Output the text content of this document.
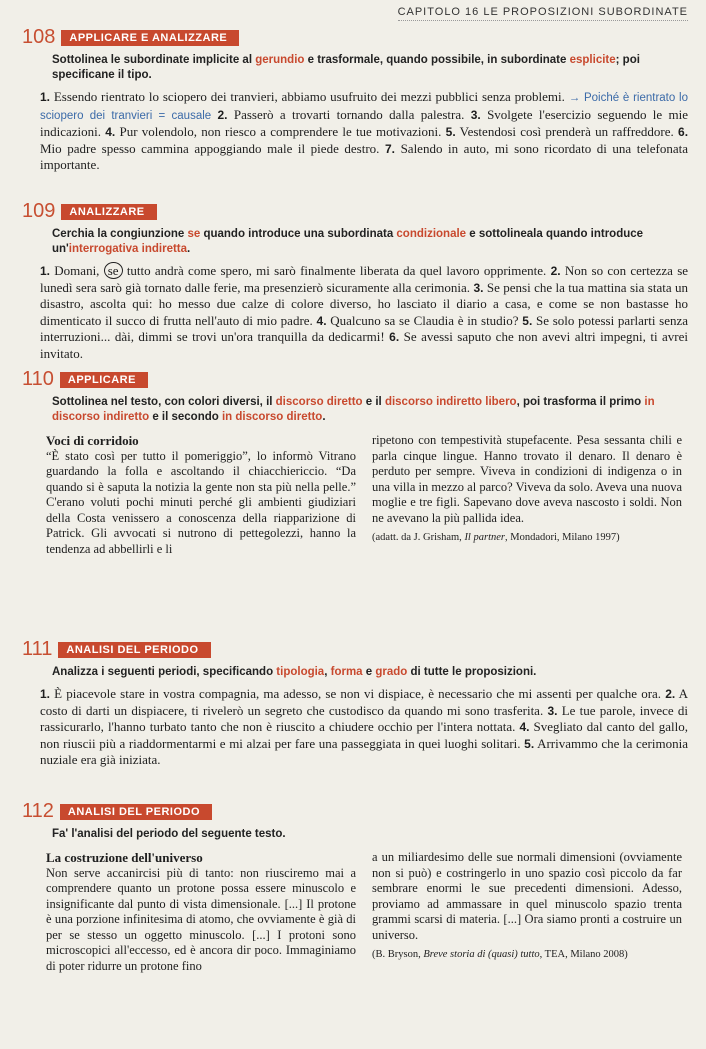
CAPITOLO 16 LE PROPOSIZIONI SUBORDINATE
108	APPLICARE E ANALIZZARE
Sottolinea le subordinate implicite al gerundio e trasformale, quando possibile, in subordinate esplicite; poi specificane il tipo.
1. Essendo rientrato lo sciopero dei tranvieri, abbiamo usufruito dei mezzi pubblici senza problemi. → Poiché è rientrato lo sciopero dei tranvieri = causale 2. Passerò a trovarti tornando dalla palestra. 3. Svolgete l'esercizio seguendo le mie indicazioni. 4. Pur volendolo, non riesco a comprendere le tue motivazioni. 5. Vestendosi così prenderà un raffreddore. 6. Mio padre spesso cammina appoggiando male il piede destro. 7. Salendo in auto, mi sono ricordato di una telefonata importante.
109	ANALIZZARE
Cerchia la congiunzione se quando introduce una subordinata condizionale e sottolineala quando introduce un'interrogativa indiretta.
1. Domani, se tutto andrà come spero, mi sarò finalmente liberata da quel lavoro opprimente. 2. Non so con certezza se lunedì sera sarò già tornato dalle ferie, ma presenzierò sicuramente alla cerimonia. 3. Se pensi che la tua mattina sia stata un disastro, ascolta qui: ho messo due calze di colore diverso, ho lasciato il diario a casa, e come se non bastasse ho dimenticato il succo di frutta nell'auto di mio padre. 4. Qualcuno sa se Claudia è in studio? 5. Se solo potessi parlarti senza interruzioni... dài, dimmi se trovi un'ora tranquilla da dedicarmi! 6. Se avessi saputo che non avevi altri impegni, ti avrei invitato.
110	APPLICARE
Sottolinea nel testo, con colori diversi, il discorso diretto e il discorso indiretto libero, poi trasforma il primo in discorso indiretto e il secondo in discorso diretto.
Voci di corridoio
“È stato così per tutto il pomeriggio”, lo informò Vitrano guardando la folla e ascoltando il chiacchiericcio. “Da quando si è saputa la notizia la gente non sta più nella pelle.” C'erano voluti pochi minuti perché gli ambienti giudiziari della Costa venissero a conoscenza della riapparizione di Patrick. Gli avvocati si nutrono di pettegolezzi, hanno la tendenza ad abbellirli e li
ripetono con tempestività stupefacente. Pesa sessanta chili e parla cinque lingue. Hanno trovato il denaro. Il denaro è perduto per sempre. Viveva in condizioni di indigenza o in una villa in mezzo al parco? Viveva da solo. Aveva una nuova moglie e tre figli. Sapevano dove aveva nascosto i soldi. Non ne avevano la più pallida idea.
(adatt. da J. Grisham, Il partner, Mondadori, Milano 1997)
111	ANALISI DEL PERIODO
Analizza i seguenti periodi, specificando tipologia, forma e grado di tutte le proposizioni.
1. È piacevole stare in vostra compagnia, ma adesso, se non vi dispiace, è necessario che mi assenti per qualche ora. 2. A costo di darti un dispiacere, ti rivelerò un segreto che custodisco da quando mi sono trasferita. 3. Le tue parole, invece di rassicurarlo, l'hanno turbato tanto che non è riuscito a chiudere occhio per l'intera nottata. 4. Svegliato dal canto del gallo, non riuscii più a riaddormentarmi e mi alzai per fare una passeggiata in quei luoghi solitari. 5. Arrivammo che la cerimonia nuziale era già iniziata.
112	ANALISI DEL PERIODO
Fa' l'analisi del periodo del seguente testo.
La costruzione dell'universo
Non serve accanircisi più di tanto: non riusciremo mai a comprendere quanto un protone possa essere minuscolo e insignificante dal punto di vista dimensionale. [...] Il protone è una porzione infinitesima di atomo, che ovviamente è già di per se stesso un oggetto minuscolo. [...] I protoni sono microscopici all'eccesso, ed è ancora dir poco. Immaginiamo di poter ridurre un protone fino
a un miliardesimo delle sue normali dimensioni (ovviamente non si può) e costringerlo in uno spazio così piccolo da far sembrare enormi le sue precedenti dimensioni. Adesso, proviamo ad ammassare in quel minuscolo spazio trenta grammi scarsi di materia. [...] Ora siamo pronti a costruire un universo.
(B. Bryson, Breve storia di (quasi) tutto, TEA, Milano 2008)
